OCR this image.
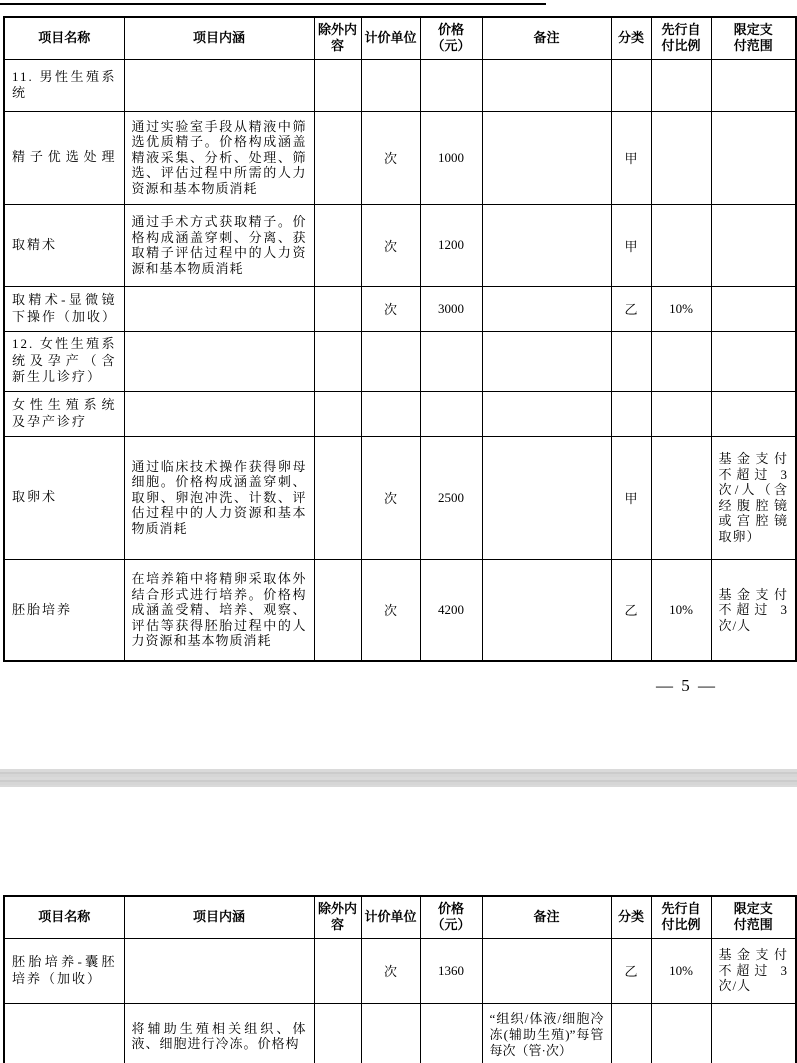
项目名称	项目内涵	除外内容	计价单位	价格（元）	备注	分类	先行自付比例	限定支付范围
11. 男性生殖系统								
精子优选处理	通过实验室手段从精液中筛选优质精子。价格构成涵盖精液采集、分析、处理、筛选、评估过程中所需的人力资源和基本物质消耗		次	1000		甲		
取精术	通过手术方式获取精子。价格构成涵盖穿刺、分离、获取精子评估过程中的人力资源和基本物质消耗		次	1200		甲		
取精术-显微镜下操作（加收）			次	3000		乙	10%	
12. 女性生殖系统及孕产（含新生儿诊疗）								
女性生殖系统及孕产诊疗								
取卵术	通过临床技术操作获得卵母细胞。价格构成涵盖穿刺、取卵、卵泡冲洗、计数、评估过程中的人力资源和基本物质消耗		次	2500		甲		基金支付不超过 3 次/人（含经腹腔镜或宫腔镜取卵）
胚胎培养	在培养箱中将精卵采取体外结合形式进行培养。价格构成涵盖受精、培养、观察、评估等获得胚胎过程中的人力资源和基本物质消耗		次	4200		乙	10%	基金支付不超过 3 次/人
— 5 —
项目名称	项目内涵	除外内容	计价单位	价格（元）	备注	分类	先行自付比例	限定支付范围
胚胎培养-囊胚培养（加收）			次	1360		乙	10%	基金支付不超过 3 次/人
	将辅助生殖相关组织、体液、细胞进行冷冻。价格构				“组织/体液/细胞冷冻(辅助生殖)”每管每次（管·次）			
